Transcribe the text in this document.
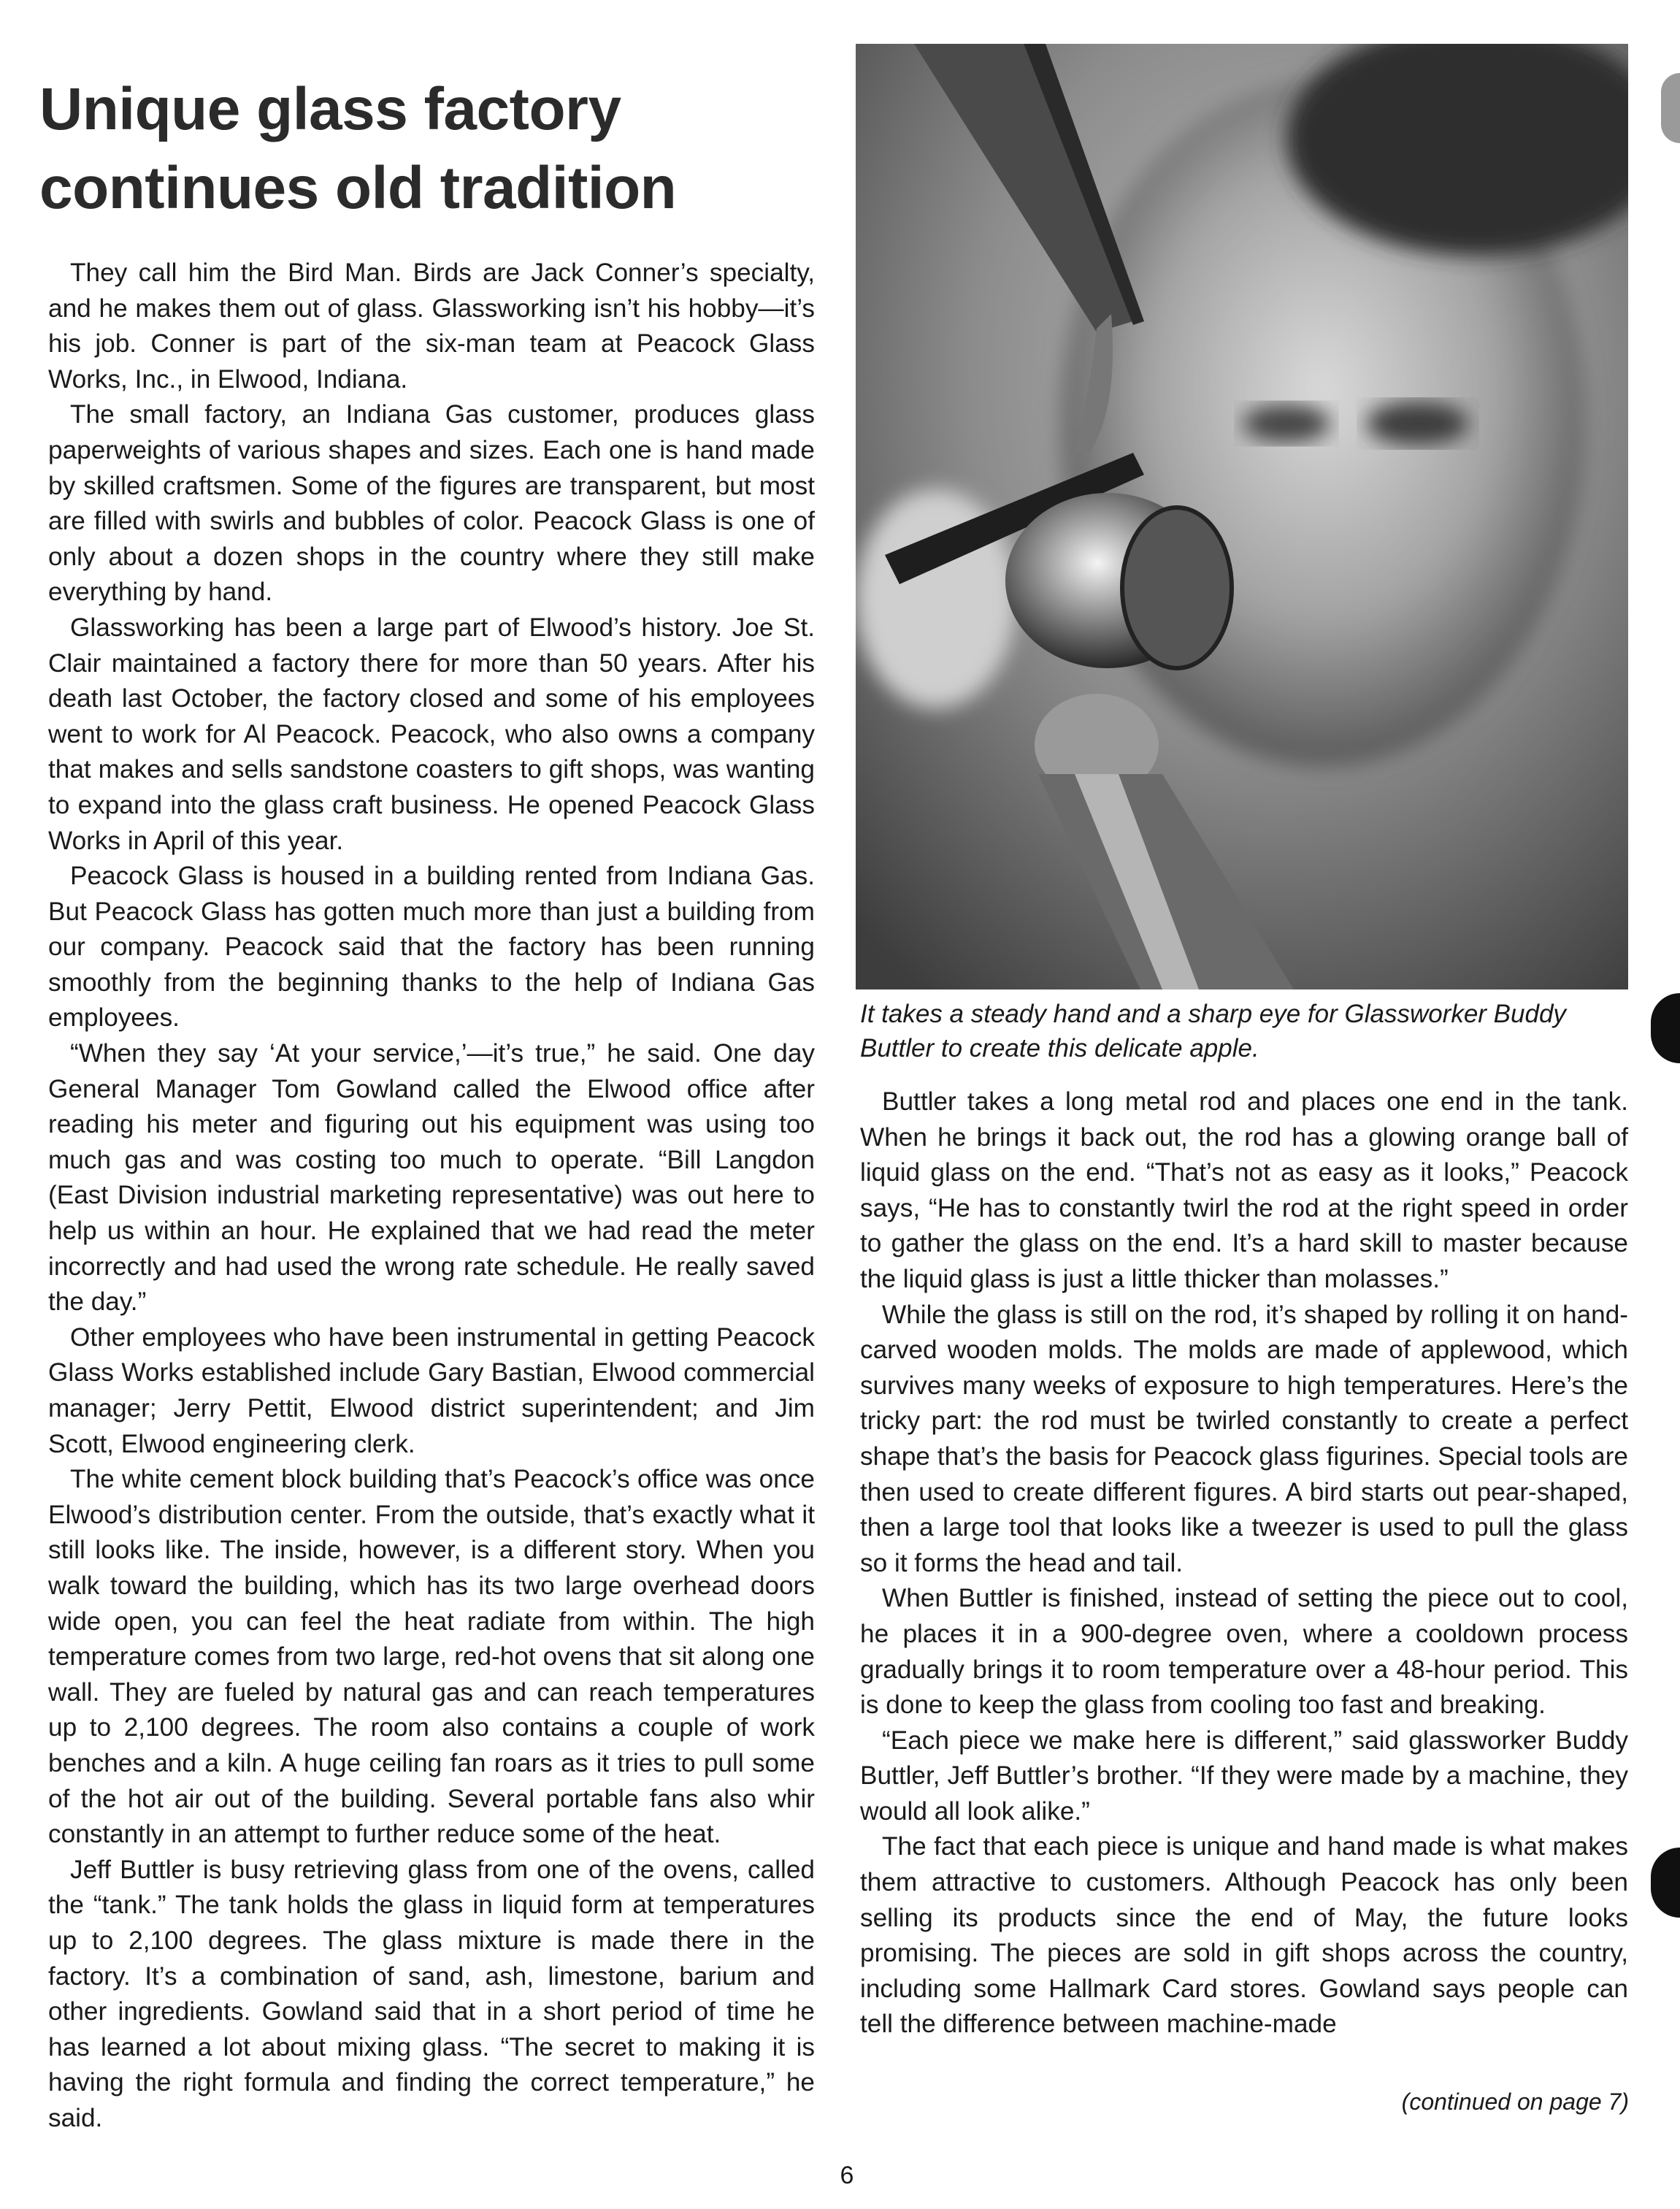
Unique glass factory continues old tradition

They call him the Bird Man. Birds are Jack Conner’s specialty, and he makes them out of glass. Glassworking isn’t his hobby—it’s his job. Conner is part of the six-man team at Peacock Glass Works, Inc., in Elwood, Indiana.

The small factory, an Indiana Gas customer, produces glass paperweights of various shapes and sizes. Each one is hand made by skilled craftsmen. Some of the figures are transparent, but most are filled with swirls and bubbles of color. Peacock Glass is one of only about a dozen shops in the country where they still make everything by hand.

Glassworking has been a large part of Elwood’s history. Joe St. Clair maintained a factory there for more than 50 years. After his death last October, the factory closed and some of his employees went to work for Al Peacock. Peacock, who also owns a company that makes and sells sandstone coasters to gift shops, was wanting to expand into the glass craft business. He opened Peacock Glass Works in April of this year.

Peacock Glass is housed in a building rented from Indiana Gas. But Peacock Glass has gotten much more than just a building from our company. Peacock said that the factory has been running smoothly from the beginning thanks to the help of Indiana Gas employees.

“When they say ‘At your service,’—it’s true,” he said. One day General Manager Tom Gowland called the Elwood office after reading his meter and figuring out his equipment was using too much gas and was costing too much to operate. “Bill Langdon (East Division industrial marketing representative) was out here to help us within an hour. He explained that we had read the meter incorrectly and had used the wrong rate schedule. He really saved the day.”

Other employees who have been instrumental in getting Peacock Glass Works established include Gary Bastian, Elwood commercial manager; Jerry Pettit, Elwood district superintendent; and Jim Scott, Elwood engineering clerk.

The white cement block building that’s Peacock’s office was once Elwood’s distribution center. From the outside, that’s exactly what it still looks like. The inside, however, is a different story. When you walk toward the building, which has its two large overhead doors wide open, you can feel the heat radiate from within. The high temperature comes from two large, red-hot ovens that sit along one wall. They are fueled by natural gas and can reach temperatures up to 2,100 degrees. The room also contains a couple of work benches and a kiln. A huge ceiling fan roars as it tries to pull some of the hot air out of the building. Several portable fans also whir constantly in an attempt to further reduce some of the heat.

Jeff Buttler is busy retrieving glass from one of the ovens, called the “tank.” The tank holds the glass in liquid form at temperatures up to 2,100 degrees. The glass mixture is made there in the factory. It’s a combination of sand, ash, limestone, barium and other ingredients. Gowland said that in a short period of time he has learned a lot about mixing glass. “The secret to making it is having the right formula and finding the correct temperature,” he said.

It takes a steady hand and a sharp eye for Glassworker Buddy Buttler to create this delicate apple.

Buttler takes a long metal rod and places one end in the tank. When he brings it back out, the rod has a glowing orange ball of liquid glass on the end. “That’s not as easy as it looks,” Peacock says, “He has to constantly twirl the rod at the right speed in order to gather the glass on the end. It’s a hard skill to master because the liquid glass is just a little thicker than molasses.”

While the glass is still on the rod, it’s shaped by rolling it on hand-carved wooden molds. The molds are made of applewood, which survives many weeks of exposure to high temperatures. Here’s the tricky part: the rod must be twirled constantly to create a perfect shape that’s the basis for Peacock glass figurines. Special tools are then used to create different figures. A bird starts out pear-shaped, then a large tool that looks like a tweezer is used to pull the glass so it forms the head and tail.

When Buttler is finished, instead of setting the piece out to cool, he places it in a 900-degree oven, where a cooldown process gradually brings it to room temperature over a 48-hour period. This is done to keep the glass from cooling too fast and breaking.

“Each piece we make here is different,” said glassworker Buddy Buttler, Jeff Buttler’s brother. “If they were made by a machine, they would all look alike.”

The fact that each piece is unique and hand made is what makes them attractive to customers. Although Peacock has only been selling its products since the end of May, the future looks promising. The pieces are sold in gift shops across the country, including some Hallmark Card stores. Gowland says people can tell the difference between machine-made

(continued on page 7)
6
